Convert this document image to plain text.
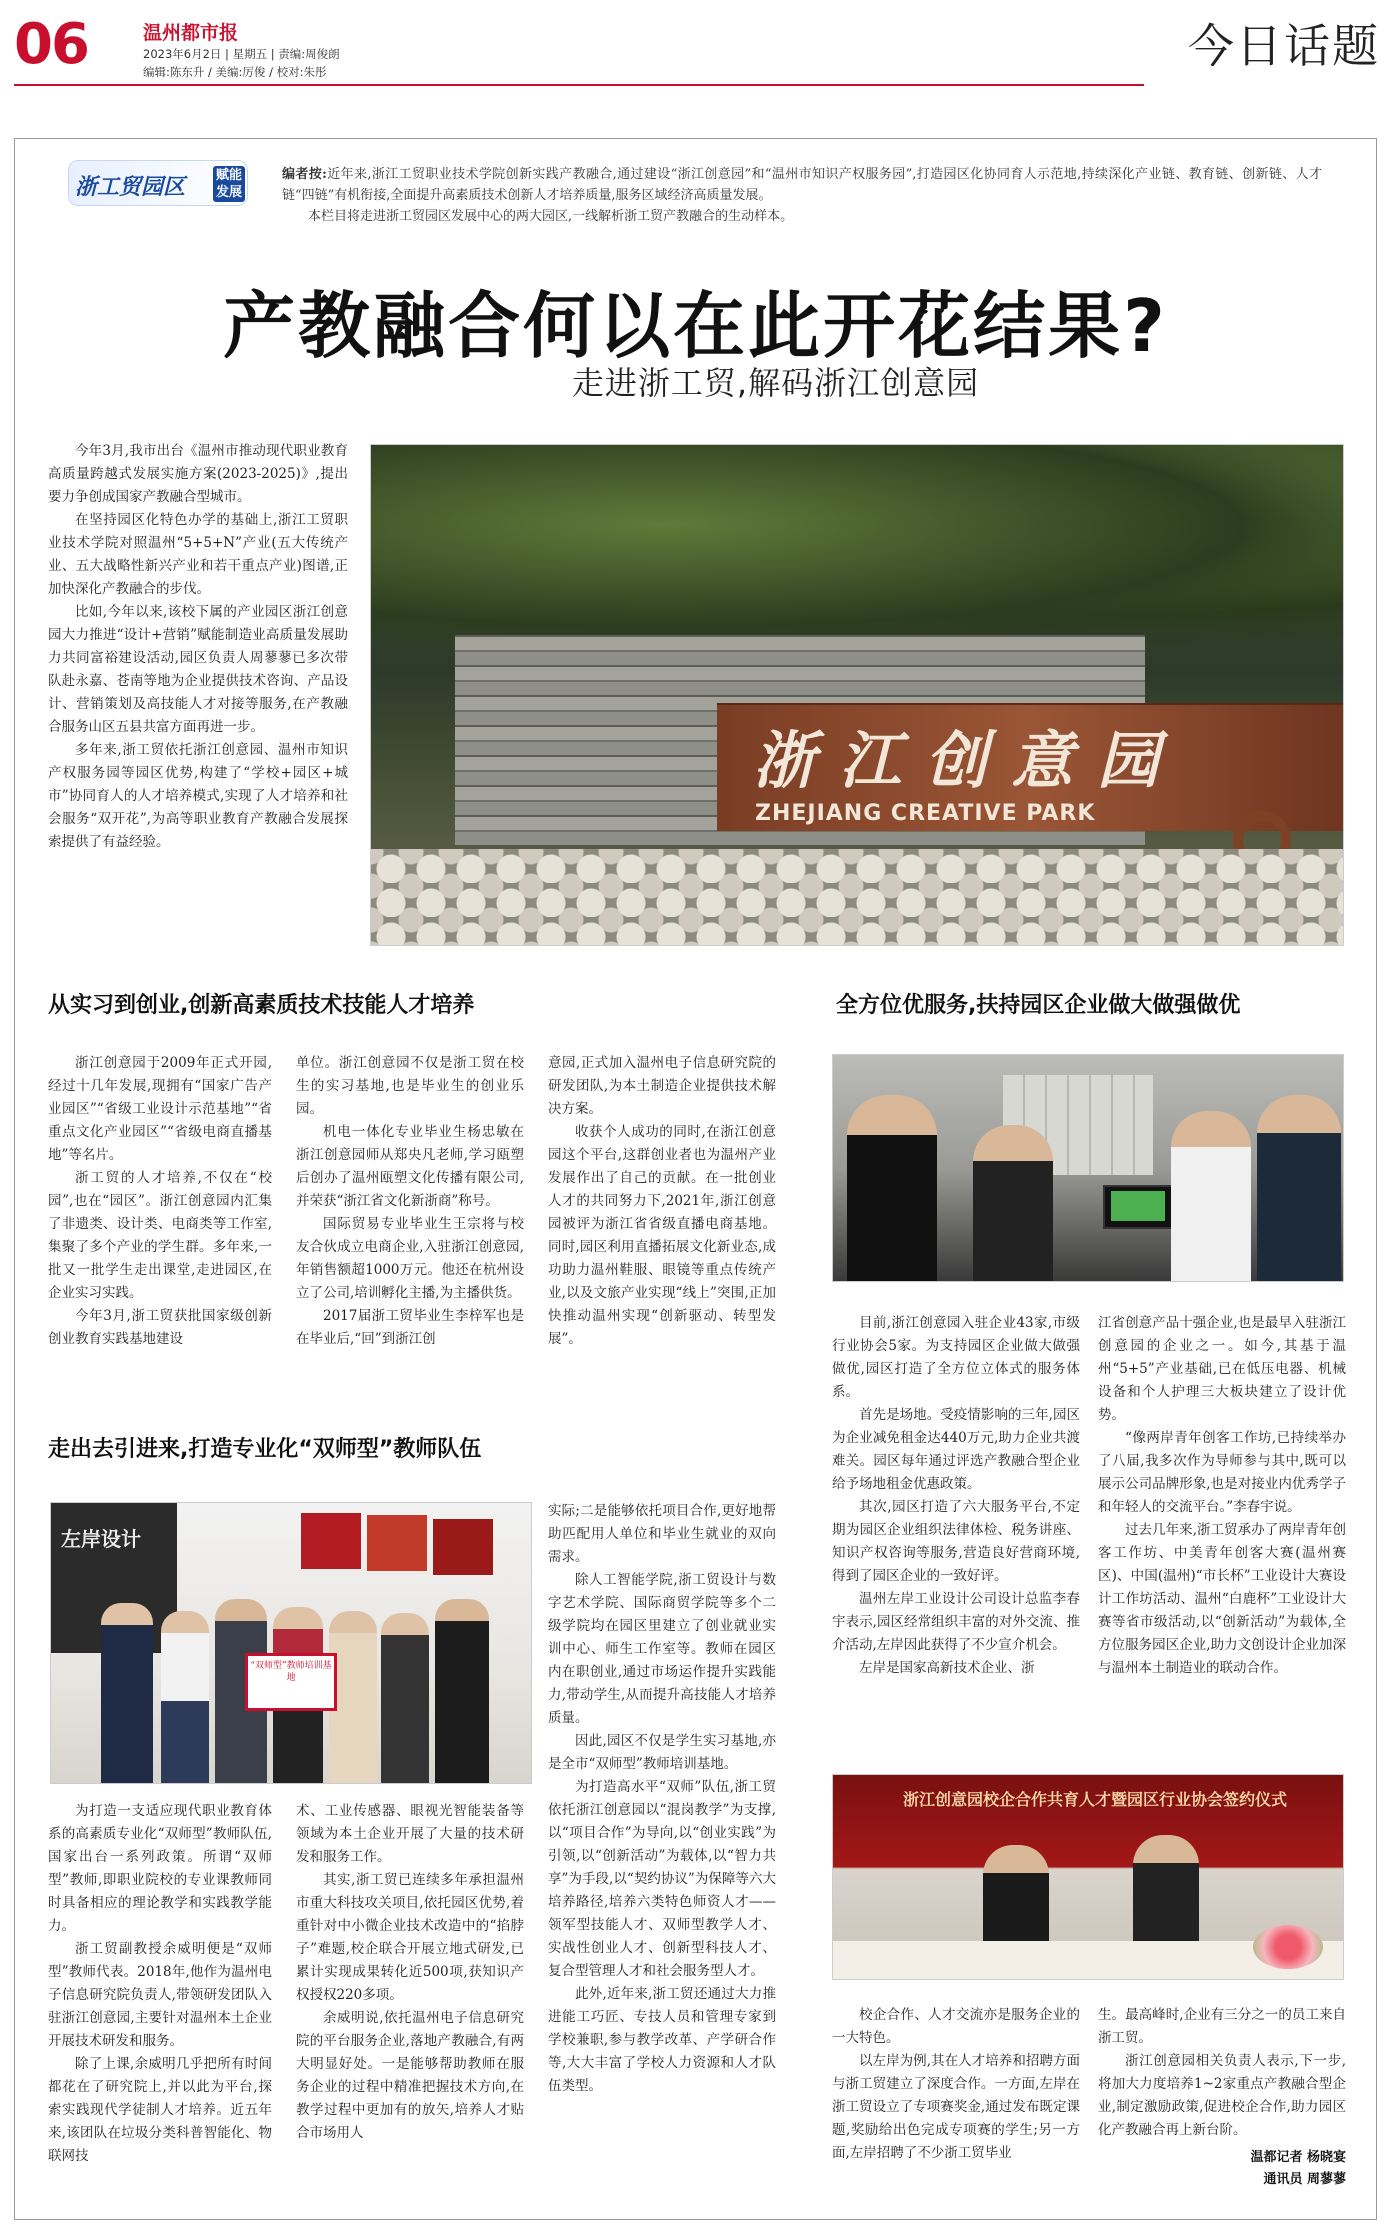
06	温州都市报
2023年6月2日 | 星期五 | 责编:周俊朗
编辑:陈东升 / 美编:厉俊 / 校对:朱彤	今日话题
浙工贸园区 赋能发展
编者按:近年来,浙江工贸职业技术学院创新实践产教融合,通过建设“浙江创意园”和“温州市知识产权服务园”,打造园区化协同育人示范地,持续深化产业链、教育链、创新链、人才链“四链”有机衔接,全面提升高素质技术创新人才培养质量,服务区域经济高质量发展。
本栏目将走进浙工贸园区发展中心的两大园区,一线解析浙工贸产教融合的生动样本。
产教融合何以在此开花结果?
走进浙工贸,解码浙江创意园

今年3月,我市出台《温州市推动现代职业教育高质量跨越式发展实施方案(2023-2025)》,提出要力争创成国家产教融合型城市。

在坚持园区化特色办学的基础上,浙江工贸职业技术学院对照温州“5+5+N”产业(五大传统产业、五大战略性新兴产业和若干重点产业)图谱,正加快深化产教融合的步伐。

比如,今年以来,该校下属的产业园区浙江创意园大力推进“设计+营销”赋能制造业高质量发展助力共同富裕建设活动,园区负责人周蓼蓼已多次带队赴永嘉、苍南等地为企业提供技术咨询、产品设计、营销策划及高技能人才对接等服务,在产教融合服务山区五县共富方面再进一步。

多年来,浙工贸依托浙江创意园、温州市知识产权服务园等园区优势,构建了“学校+园区+城市”协同育人的人才培养模式,实现了人才培养和社会服务“双开花”,为高等职业教育产教融合发展探索提供了有益经验。

浙江创意园
ZHEJIANG CREATIVE PARK
从实习到创业,创新高素质技术技能人才培养

浙江创意园于2009年正式开园,经过十几年发展,现拥有“国家广告产业园区”“省级工业设计示范基地”“省重点文化产业园区”“省级电商直播基地”等名片。

浙工贸的人才培养,不仅在“校园”,也在“园区”。浙江创意园内汇集了非遗类、设计类、电商类等工作室,集聚了多个产业的学生群。多年来,一批又一批学生走出课堂,走进园区,在企业实习实践。

今年3月,浙工贸获批国家级创新创业教育实践基地建设

单位。浙江创意园不仅是浙工贸在校生的实习基地,也是毕业生的创业乐园。

机电一体化专业毕业生杨忠敏在浙江创意园师从郑央凡老师,学习瓯塑后创办了温州瓯塑文化传播有限公司,并荣获“浙江省文化新浙商”称号。

国际贸易专业毕业生王宗将与校友合伙成立电商企业,入驻浙江创意园,年销售额超1000万元。他还在杭州设立了公司,培训孵化主播,为主播供货。

2017届浙工贸毕业生李梓军也是在毕业后,“回”到浙江创

意园,正式加入温州电子信息研究院的研发团队,为本土制造企业提供技术解决方案。

收获个人成功的同时,在浙江创意园这个平台,这群创业者也为温州产业发展作出了自己的贡献。在一批创业人才的共同努力下,2021年,浙江创意园被评为浙江省省级直播电商基地。同时,园区利用直播拓展文化新业态,成功助力温州鞋服、眼镜等重点传统产业,以及文旅产业实现“线上”突围,正加快推动温州实现“创新驱动、转型发展”。

走出去引进来,打造专业化“双师型”教师队伍
左岸设计
“双师型”教师培训基地

为打造一支适应现代职业教育体系的高素质专业化“双师型”教师队伍,国家出台一系列政策。所谓“双师型”教师,即职业院校的专业课教师同时具备相应的理论教学和实践教学能力。

浙工贸副教授余威明便是“双师型”教师代表。2018年,他作为温州电子信息研究院负责人,带领研发团队入驻浙江创意园,主要针对温州本土企业开展技术研发和服务。

除了上课,余威明几乎把所有时间都花在了研究院上,并以此为平台,探索实践现代学徒制人才培养。近五年来,该团队在垃圾分类科普智能化、物联网技

术、工业传感器、眼视光智能装备等领域为本土企业开展了大量的技术研发和服务工作。

其实,浙工贸已连续多年承担温州市重大科技攻关项目,依托园区优势,着重针对中小微企业技术改造中的“掐脖子”难题,校企联合开展立地式研发,已累计实现成果转化近500项,获知识产权授权220多项。

余威明说,依托温州电子信息研究院的平台服务企业,落地产教融合,有两大明显好处。一是能够帮助教师在服务企业的过程中精准把握技术方向,在教学过程中更加有的放矢,培养人才贴合市场用人

实际;二是能够依托项目合作,更好地帮助匹配用人单位和毕业生就业的双向需求。

除人工智能学院,浙工贸设计与数字艺术学院、国际商贸学院等多个二级学院均在园区里建立了创业就业实训中心、师生工作室等。教师在园区内在职创业,通过市场运作提升实践能力,带动学生,从而提升高技能人才培养质量。

因此,园区不仅是学生实习基地,亦是全市“双师型”教师培训基地。

为打造高水平“双师”队伍,浙工贸依托浙江创意园以“混岗教学”为支撑,以“项目合作”为导向,以“创业实践”为引领,以“创新活动”为载体,以“智力共享”为手段,以“契约协议”为保障等六大培养路径,培养六类特色师资人才——领军型技能人才、双师型教学人才、实战性创业人才、创新型科技人才、复合型管理人才和社会服务型人才。

此外,近年来,浙工贸还通过大力推进能工巧匠、专技人员和管理专家到学校兼职,参与教学改革、产学研合作等,大大丰富了学校人力资源和人才队伍类型。

全方位优服务,扶持园区企业做大做强做优

目前,浙江创意园入驻企业43家,市级行业协会5家。为支持园区企业做大做强做优,园区打造了全方位立体式的服务体系。

首先是场地。受疫情影响的三年,园区为企业减免租金达440万元,助力企业共渡难关。园区每年通过评选产教融合型企业给予场地租金优惠政策。

其次,园区打造了六大服务平台,不定期为园区企业组织法律体检、税务讲座、知识产权咨询等服务,营造良好营商环境,得到了园区企业的一致好评。

温州左岸工业设计公司设计总监李春宇表示,园区经常组织丰富的对外交流、推介活动,左岸因此获得了不少宣介机会。

左岸是国家高新技术企业、浙

江省创意产品十强企业,也是最早入驻浙江创意园的企业之一。如今,其基于温州“5+5”产业基础,已在低压电器、机械设备和个人护理三大板块建立了设计优势。

“像两岸青年创客工作坊,已持续举办了八届,我多次作为导师参与其中,既可以展示公司品牌形象,也是对接业内优秀学子和年轻人的交流平台。”李春宇说。

过去几年来,浙工贸承办了两岸青年创客工作坊、中美青年创客大赛(温州赛区)、中国(温州)“市长杯”工业设计大赛设计工作坊活动、温州“白鹿杯”工业设计大赛等省市级活动,以“创新活动”为载体,全方位服务园区企业,助力文创设计企业加深与温州本土制造业的联动合作。

浙江创意园校企合作共育人才暨园区行业协会签约仪式

校企合作、人才交流亦是服务企业的一大特色。

以左岸为例,其在人才培养和招聘方面与浙工贸建立了深度合作。一方面,左岸在浙工贸设立了专项赛奖金,通过发布既定课题,奖励给出色完成专项赛的学生;另一方面,左岸招聘了不少浙工贸毕业

生。最高峰时,企业有三分之一的员工来自浙工贸。

浙江创意园相关负责人表示,下一步,将加大力度培养1~2家重点产教融合型企业,制定激励政策,促进校企合作,助力园区化产教融合再上新台阶。

温都记者 杨晓宴
通讯员 周蓼蓼
